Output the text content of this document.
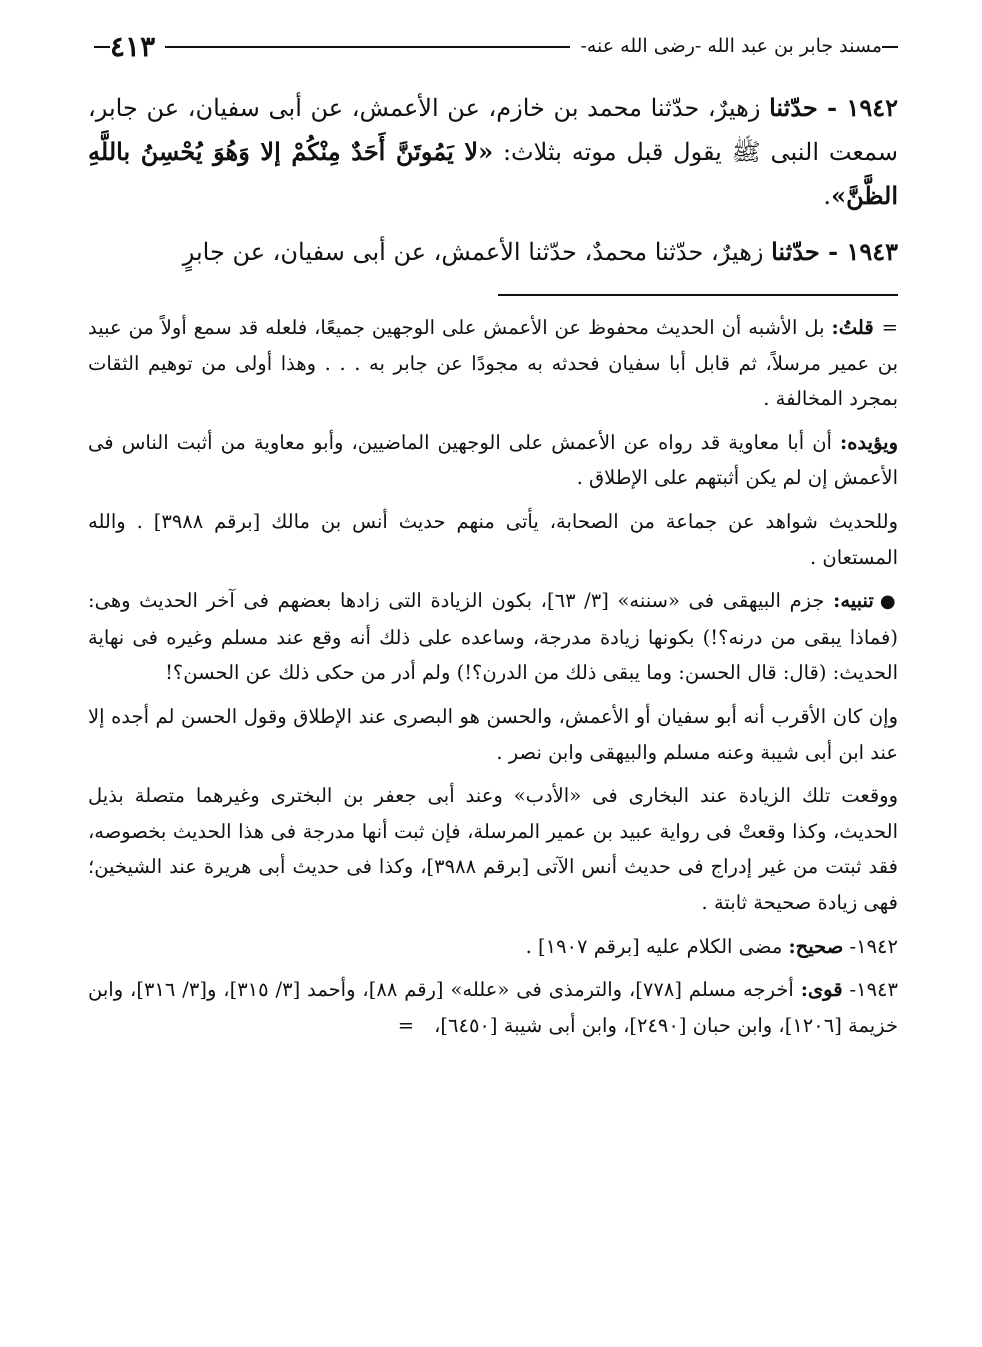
مسند جابر بن عبد الله -رضى الله عنه-
٤١٣

١٩٤٢ - حدّثنا زهيرٌ، حدّثنا محمد بن خازم، عن الأعمش، عن أبى سفيان، عن جابر، سمعت النبى ﷺ يقول قبل موته بثلاث: «لا يَمُوتَنَّ أَحَدٌ مِنْكُمْ إلا وَهُوَ يُحْسِنُ باللَّهِ الظَّنَّ».

١٩٤٣ - حدّثنا زهيرٌ، حدّثنا محمدٌ، حدّثنا الأعمش، عن أبى سفيان، عن جابرٍ

=قلتُ: بل الأشبه أن الحديث محفوظ عن الأعمش على الوجهين جميعًا، فلعله قد سمع أولاً من عبيد بن عمير مرسلاً، ثم قابل أبا سفيان فحدثه به مجودًا عن جابر به . . . وهذا أولى من توهيم الثقات بمجرد المخالفة .

ويؤيده: أن أبا معاوية قد رواه عن الأعمش على الوجهين الماضيين، وأبو معاوية من أثبت الناس فى الأعمش إن لم يكن أثبتهم على الإطلاق .

وللحديث شواهد عن جماعة من الصحابة، يأتى منهم حديث أنس بن مالك [برقم ٣٩٨٨] . والله المستعان .

●تنبيه: جزم البيهقى فى «سننه» [٣/ ٦٣]، بكون الزيادة التى زادها بعضهم فى آخر الحديث وهى: (فماذا يبقى من درنه؟!) بكونها زيادة مدرجة، وساعده على ذلك أنه وقع عند مسلم وغيره فى نهاية الحديث: (قال: قال الحسن: وما يبقى ذلك من الدرن؟!) ولم أدر من حكى ذلك عن الحسن؟!

وإن كان الأقرب أنه أبو سفيان أو الأعمش، والحسن هو البصرى عند الإطلاق وقول الحسن لم أجده إلا عند ابن أبى شيبة وعنه مسلم والبيهقى وابن نصر .

ووقعت تلك الزيادة عند البخارى فى «الأدب» وعند أبى جعفر بن البخترى وغيرهما متصلة بذيل الحديث، وكذا وقعتْ فى رواية عبيد بن عمير المرسلة، فإن ثبت أنها مدرجة فى هذا الحديث بخصوصه، فقد ثبتت من غير إدراج فى حديث أنس الآتى [برقم ٣٩٨٨]، وكذا فى حديث أبى هريرة عند الشيخين؛ فهى زيادة صحيحة ثابتة .

١٩٤٢- صحيح: مضى الكلام عليه [برقم ١٩٠٧] .

١٩٤٣- قوى: أخرجه مسلم [٧٧٨]، والترمذى فى «علله» [رقم ٨٨]، وأحمد [٣/ ٣١٥]، و[٣/ ٣١٦]، وابن خزيمة [١٢٠٦]، وابن حبان [٢٤٩٠]، وابن أبى شيبة [٦٤٥٠]،=
